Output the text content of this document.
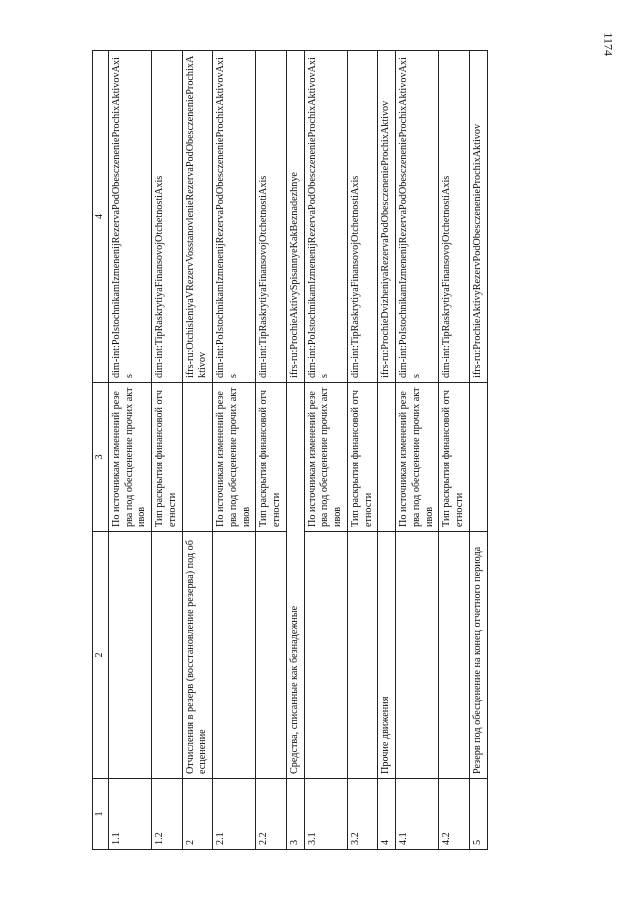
1174
1	2	3	4
1.1		По источникам изменений резерва под обесценение прочих активов	dim-int:PoIstochnikamIzmenenijRezervaPodObesczenenieProchixAktivovAxis
1.2		Тип раскрытия финансовой отчетности	dim-int:TipRaskrytiyaFinansovojOtchetnostiAxis
2	Отчисления в резерв (восстановление резерва) под обесценение		ifrs-ru:OtchisleniyaVRezervVosstanovlenieRezervaPodObesczenenieProchixAktivov
2.1		По источникам изменений резерва под обесценение прочих активов	dim-int:PoIstochnikamIzmenenijRezervaPodObesczenenieProchixAktivovAxis
2.2		Тип раскрытия финансовой отчетности	dim-int:TipRaskrytiyaFinansovojOtchetnostiAxis
3	Средства, списанные как безнадежные		ifrs-ru:ProchieAktivySpisannyeKakBeznadezhnye
3.1		По источникам изменений резерва под обесценение прочих активов	dim-int:PoIstochnikamIzmenenijRezervaPodObesczenenieProchixAktivovAxis
3.2		Тип раскрытия финансовой отчетности	dim-int:TipRaskrytiyaFinansovojOtchetnostiAxis
4	Прочие движения		ifrs-ru:ProchieDvizheniyaRezervaPodObesczenenieProchixAktivov
4.1		По источникам изменений резерва под обесценение прочих активов	dim-int:PoIstochnikamIzmenenijRezervaPodObesczenenieProchixAktivovAxis
4.2		Тип раскрытия финансовой отчетности	dim-int:TipRaskrytiyaFinansovojOtchetnostiAxis
5	Резерв под обесценение на конец отчетного периода		ifrs-ru:ProchieAktivyRezervPodObesczenenieProchixAktivov
